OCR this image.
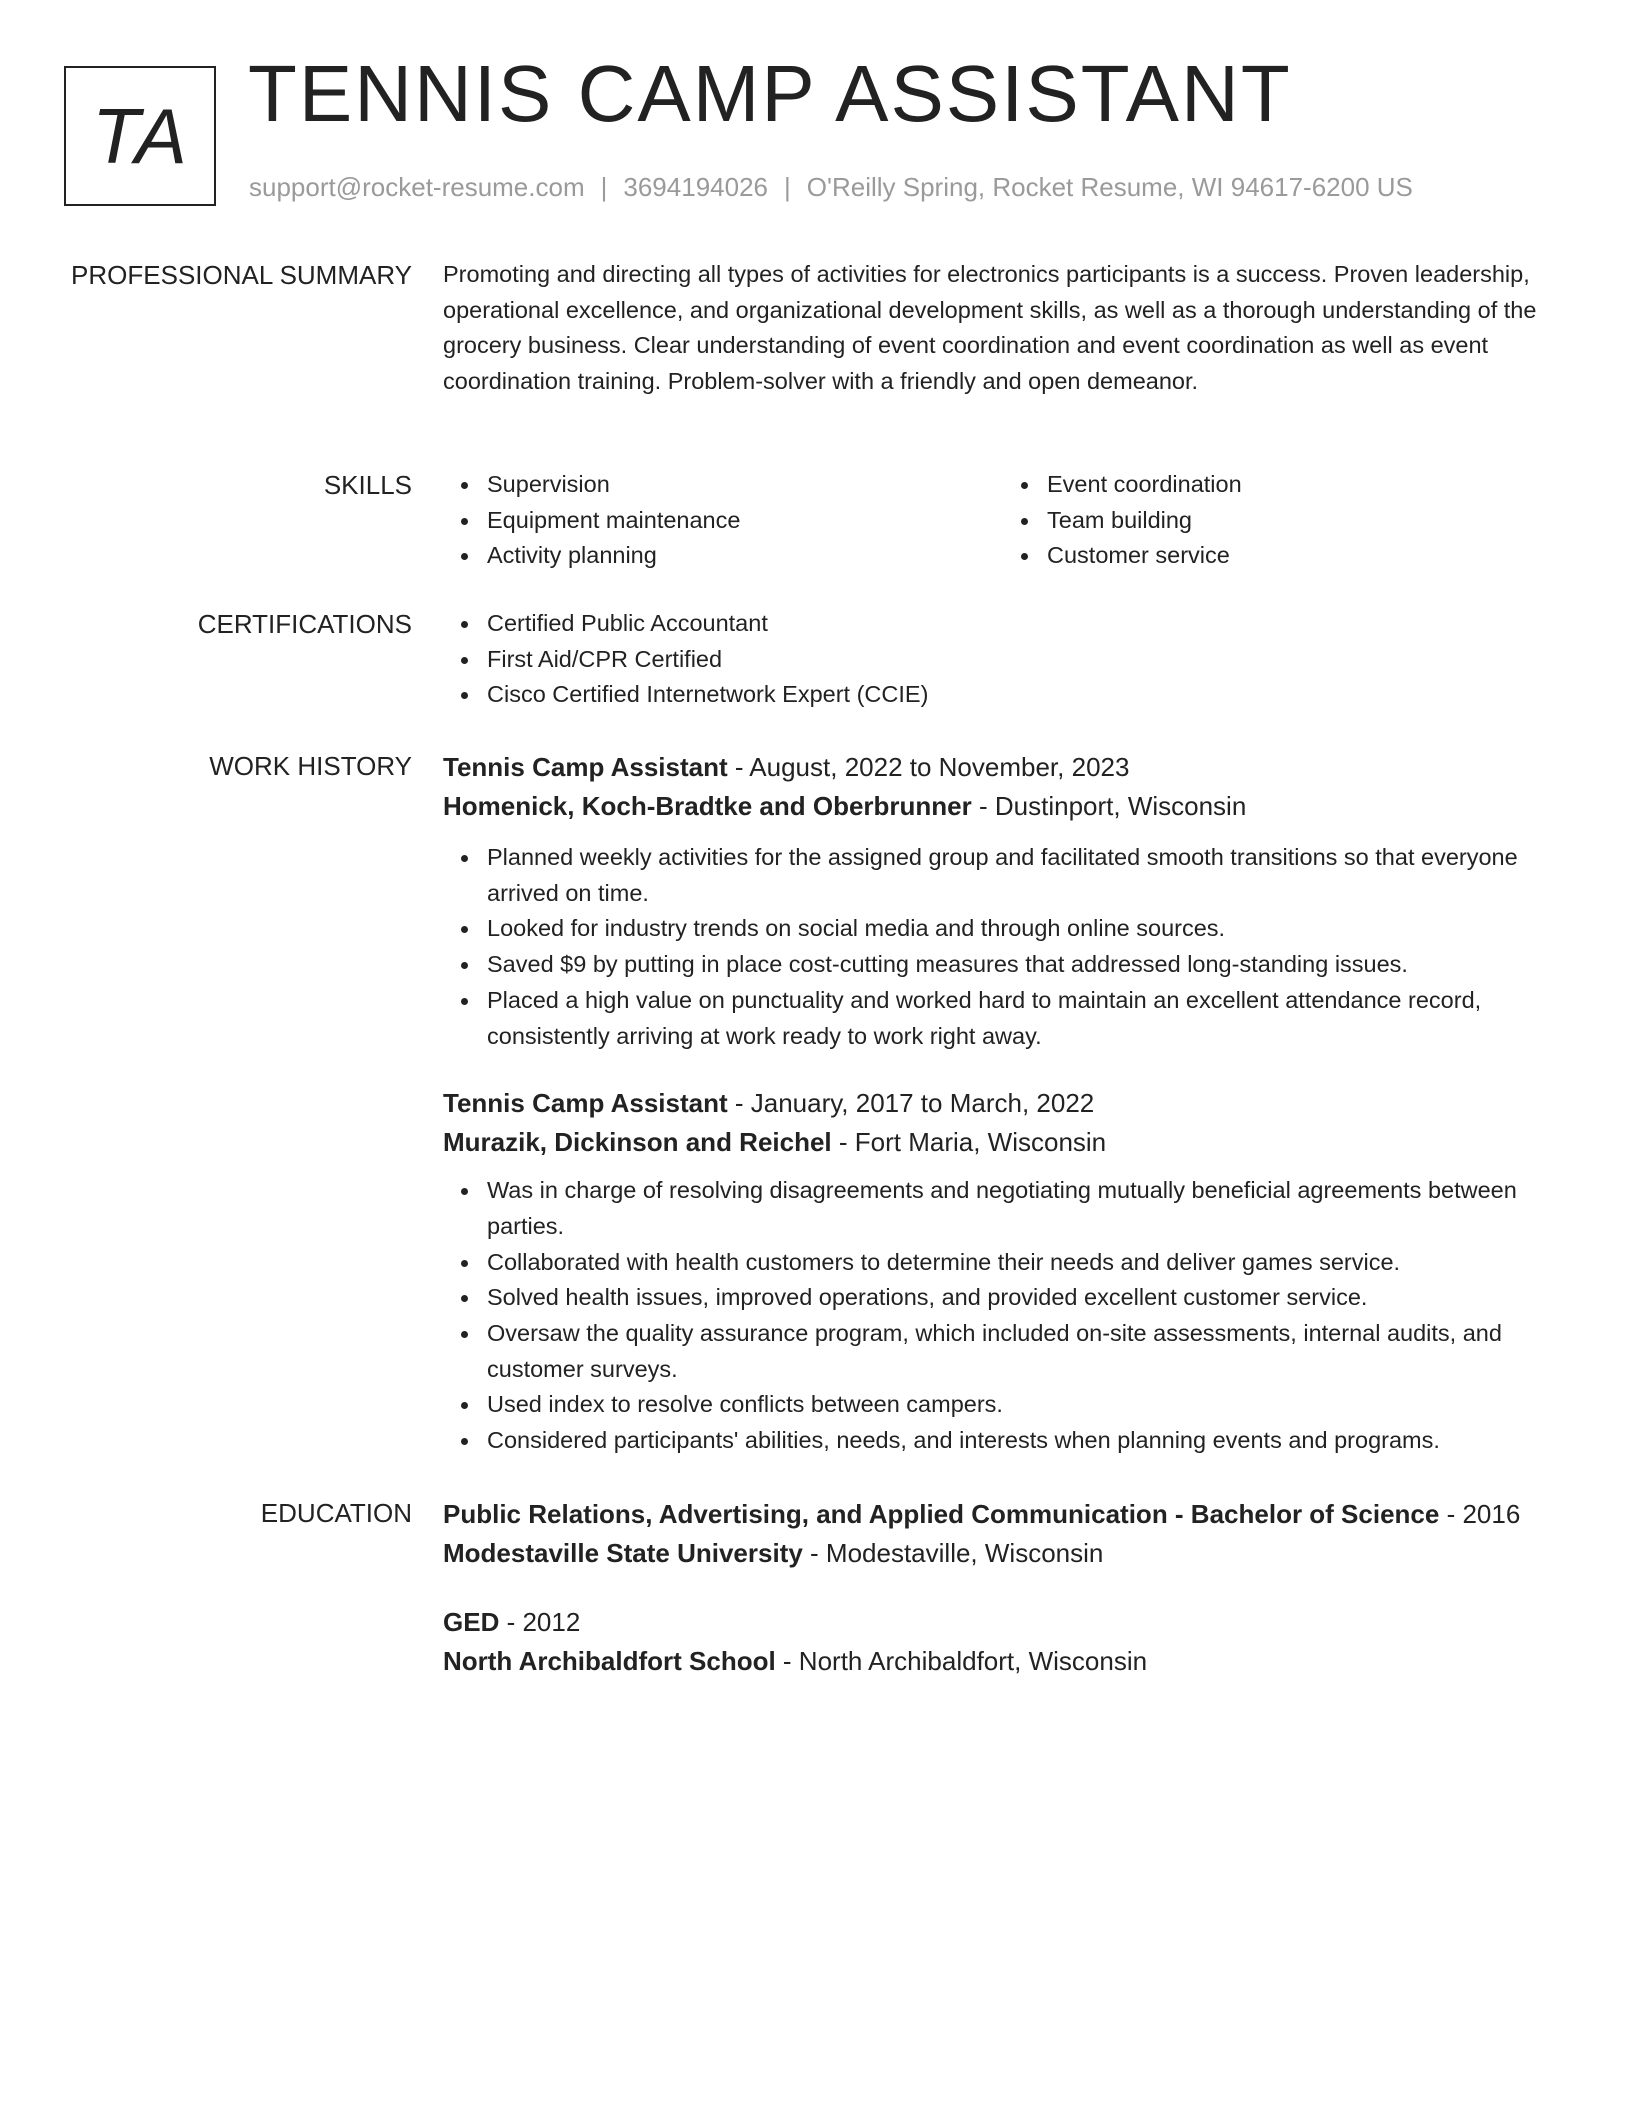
TA TENNIS CAMP ASSISTANT
support@rocket-resume.com | 3694194026 | O'Reilly Spring, Rocket Resume, WI 94617-6200 US
PROFESSIONAL SUMMARY Promoting and directing all types of activities for electronics participants is a success. Proven leadership, operational excellence, and organizational development skills, as well as a thorough understanding of the grocery business. Clear understanding of event coordination and event coordination as well as event coordination training. Problem-solver with a friendly and open demeanor.
SKILLS	Supervision
Equipment maintenance
Activity planning
Event coordination
Team building
Customer service
CERTIFICATIONS	Certified Public Accountant
First Aid/CPR Certified
Cisco Certified Internetwork Expert (CCIE)
WORK HISTORY Tennis Camp Assistant - August, 2022 to November, 2023
Homenick, Koch-Bradtke and Oberbrunner - Dustinport, Wisconsin
Planned weekly activities for the assigned group and facilitated smooth transitions so that everyone arrived on time.
Looked for industry trends on social media and through online sources.
Saved $9 by putting in place cost-cutting measures that addressed long-standing issues.
Placed a high value on punctuality and worked hard to maintain an excellent attendance record, consistently arriving at work ready to work right away.
Tennis Camp Assistant - January, 2017 to March, 2022
Murazik, Dickinson and Reichel - Fort Maria, Wisconsin
Was in charge of resolving disagreements and negotiating mutually beneficial agreements between parties.
Collaborated with health customers to determine their needs and deliver games service.
Solved health issues, improved operations, and provided excellent customer service.
Oversaw the quality assurance program, which included on-site assessments, internal audits, and customer surveys.
Used index to resolve conflicts between campers.
Considered participants' abilities, needs, and interests when planning events and programs.
EDUCATION Public Relations, Advertising, and Applied Communication - Bachelor of Science - 2016
Modestaville State University - Modestaville, Wisconsin
GED - 2012
North Archibaldfort School - North Archibaldfort, Wisconsin
